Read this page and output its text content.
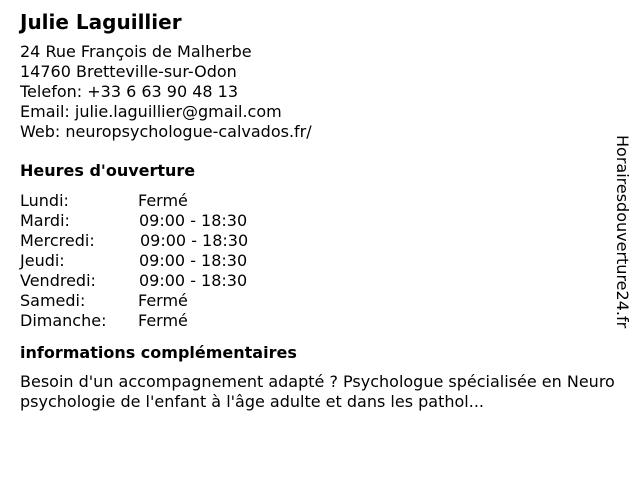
Julie Laguillier
24 Rue François de Malherbe
14760 Bretteville-sur-Odon
Telefon: +33 6 63 90 48 13
Email: julie.laguillier@gmail.com
Web: neuropsychologue-calvados.fr/
Heures d'ouverture
Lundi:	Fermé
Mardi:	09:00 - 18:30
Mercredi:	09:00 - 18:30
Jeudi:	09:00 - 18:30
Vendredi:	09:00 - 18:30
Samedi:	Fermé
Dimanche: Fermé
informations complémentaires
Besoin d'un accompagnement adapté ? Psychologue spécialisée en Neuropsychologie de l'enfant à l'âge adulte et dans les pathol...
Horairesdouverture24.fr
